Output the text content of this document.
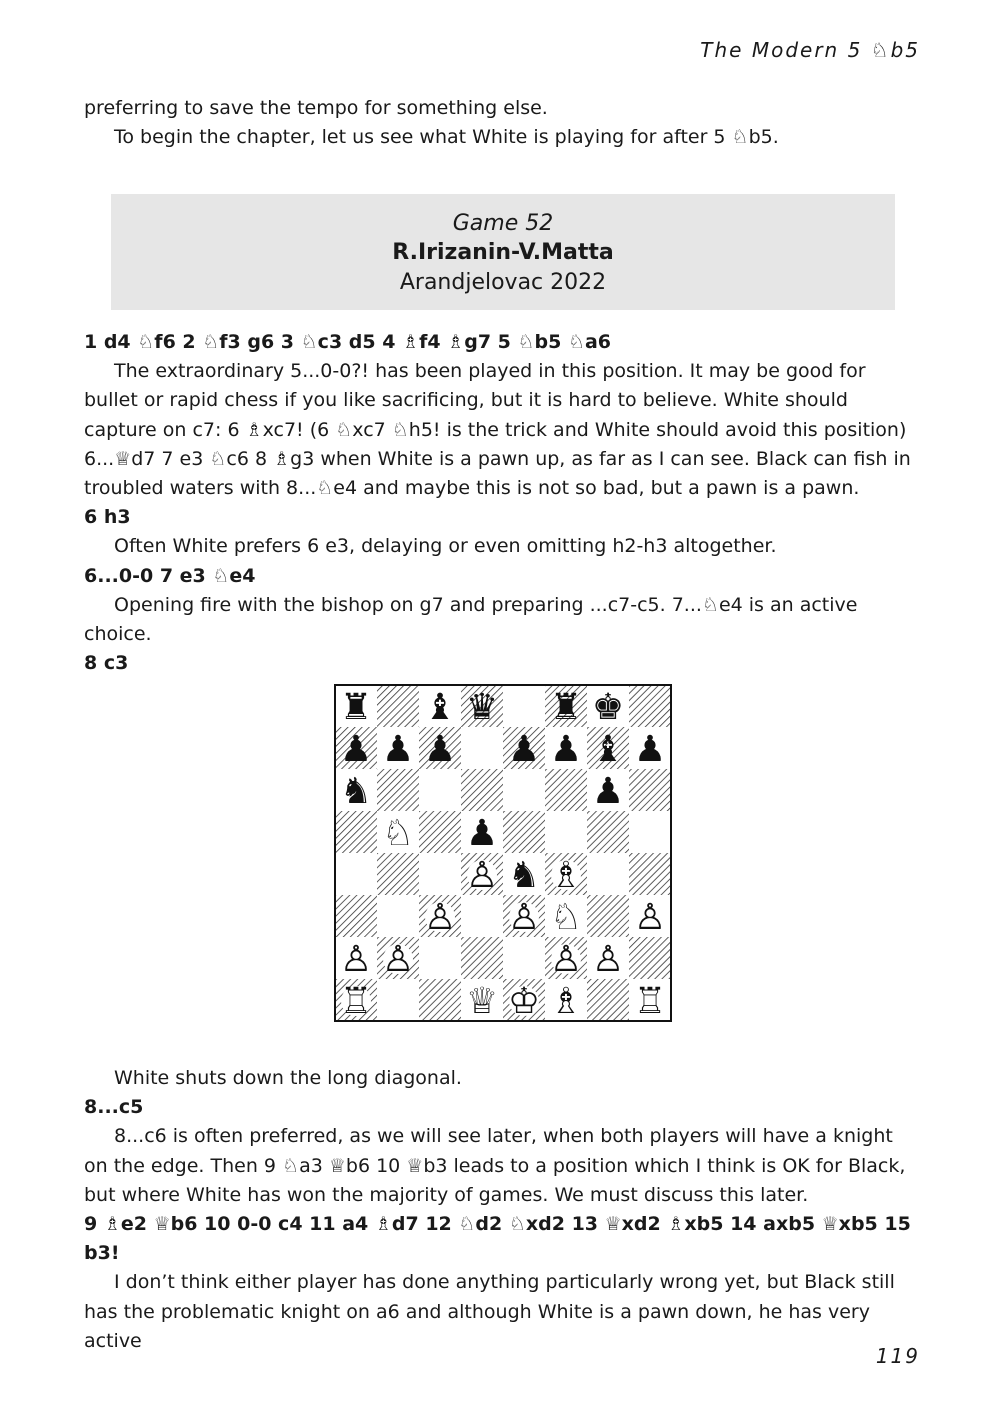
The Modern 5 ♘b5

preferring to save the tempo for something else.

To begin the chapter, let us see what White is playing for after 5 ♘b5.

Game 52
R.Irizanin-V.Matta
Arandjelovac 2022

1 d4 ♘f6 2 ♘f3 g6 3 ♘c3 d5 4 ♗f4 ♗g7 5 ♘b5 ♘a6

The extraordinary 5...0-0?! has been played in this position. It may be good for bullet or rapid chess if you like sacrificing, but it is hard to believe. White should capture on c7: 6 ♗xc7! (6 ♘xc7 ♘h5! is the trick and White should avoid this position) 6...♕d7 7 e3 ♘c6 8 ♗g3 when White is a pawn up, as far as I can see. Black can fish in troubled waters with 8...♘e4 and maybe this is not so bad, but a pawn is a pawn.

6 h3

Often White prefers 6 e3, delaying or even omitting h2-h3 altogether.

6...0-0 7 e3 ♘e4

Opening fire with the bishop on g7 and preparing ...c7-c5. 7...♘e4 is an active choice.

8 c3

♜ ♝ ♛ ♜ ♚
♟ ♟ ♟ ♟ ♟ ♝ ♟
♞	♟
♘ ♟
♙ ♞ ♗
♙ ♙ ♘ ♙
♙ ♙	♙ ♙
♖	♕ ♔ ♗ ♖

White shuts down the long diagonal.

8...c5

8...c6 is often preferred, as we will see later, when both players will have a knight on the edge. Then 9 ♘a3 ♕b6 10 ♕b3 leads to a position which I think is OK for Black, but where White has won the majority of games. We must discuss this later.

9 ♗e2 ♕b6 10 0-0 c4 11 a4 ♗d7 12 ♘d2 ♘xd2 13 ♕xd2 ♗xb5 14 axb5 ♕xb5 15 b3!

I don’t think either player has done anything particularly wrong yet, but Black still has the problematic knight on a6 and although White is a pawn down, he has very active

119
